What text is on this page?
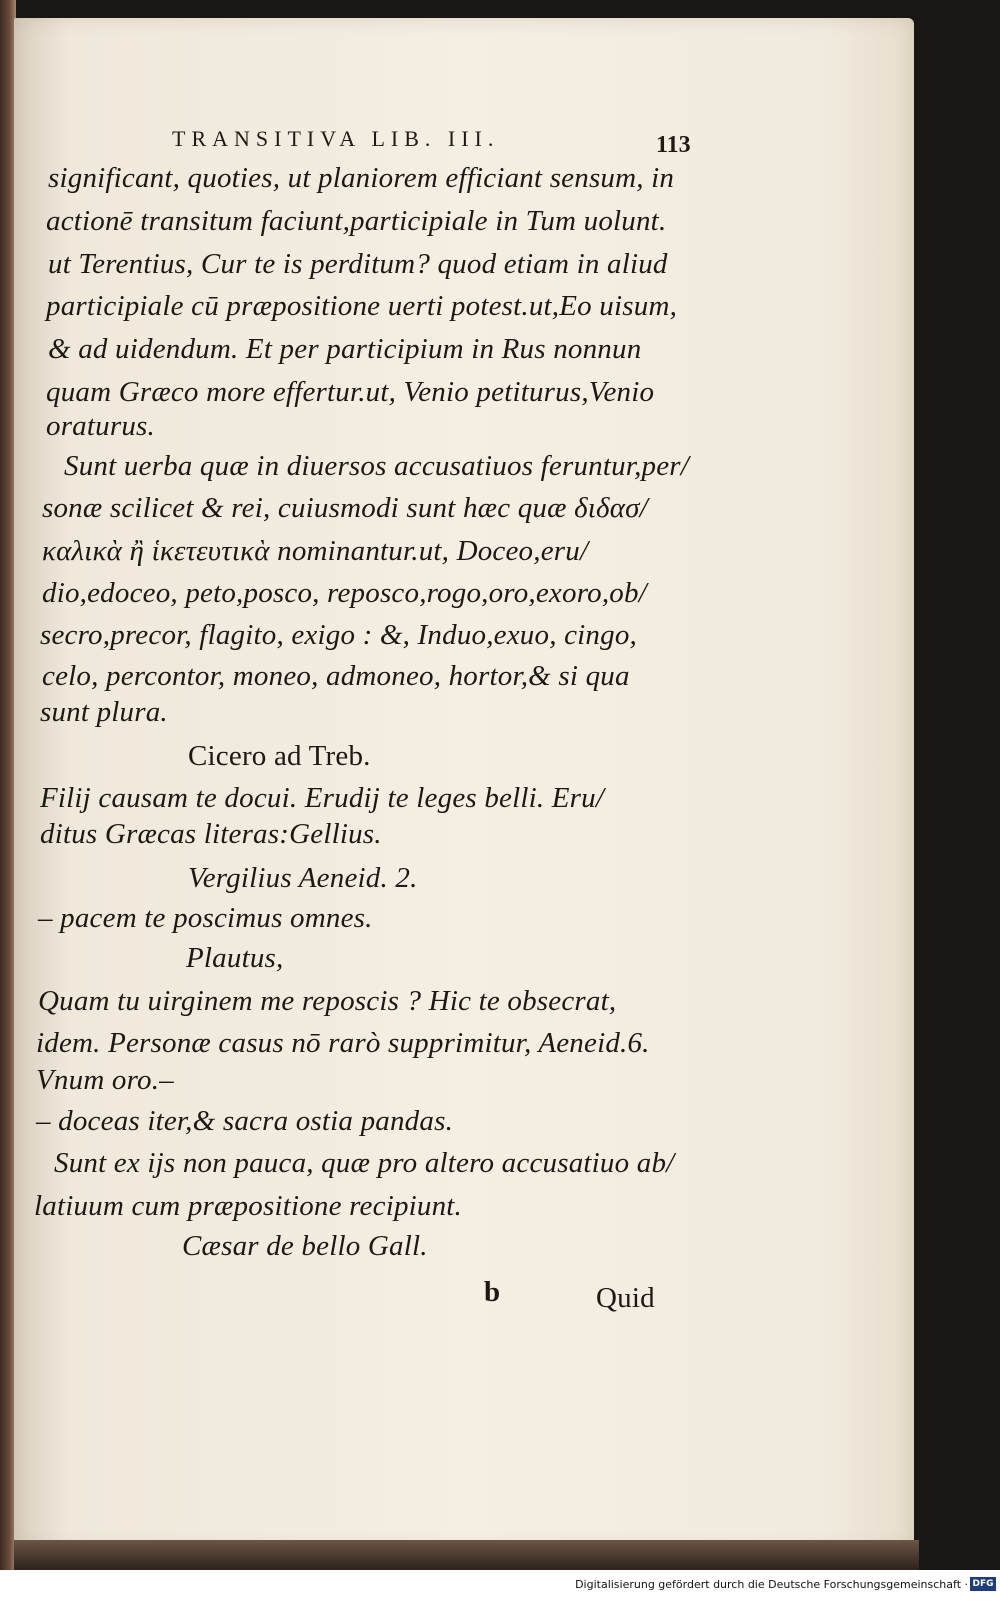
TRANSITIVA LIB. III.	113
significant, quoties, ut planiorem efficiant sensum, in
actionē transitum faciunt,participiale in Tum uolunt.
ut Terentius, Cur te is perditum? quod etiam in aliud
participiale cū præpositione uerti potest.ut,Eo uisum,
& ad uidendum. Et per participium in Rus nonnun
quam Græco more effertur.ut, Venio petiturus,Venio
oraturus.
Sunt uerba quæ in diuersos accusatiuos feruntur,per/
sonæ scilicet & rei, cuiusmodi sunt hæc quæ διδασ/
καλικὰ ἢ ἱκετευτικὰ nominantur.ut, Doceo,eru/
dio,edoceo, peto,posco, reposco,rogo,oro,exoro,ob/
secro,precor, flagito, exigo : &, Induo,exuo, cingo,
celo, percontor, moneo, admoneo, hortor,& si qua
sunt plura.
Cicero ad Treb.
Filij causam te docui. Erudij te leges belli. Eru/
ditus Græcas literas:Gellius.
Vergilius Aeneid. 2.
– pacem te poscimus omnes.
Plautus,
Quam tu uirginem me reposcis ? Hic te obsecrat,
idem. Personæ casus nō rarò supprimitur, Aeneid.6.
Vnum oro.–
– doceas iter,& sacra ostia pandas.
Sunt ex ijs non pauca, quæ pro altero accusatiuo ab/
latiuum cum præpositione recipiunt.
Cæsar de bello Gall.
b	Quid
Digitalisierung gefördert durch die Deutsche Forschungsgemeinschaft · DFG
